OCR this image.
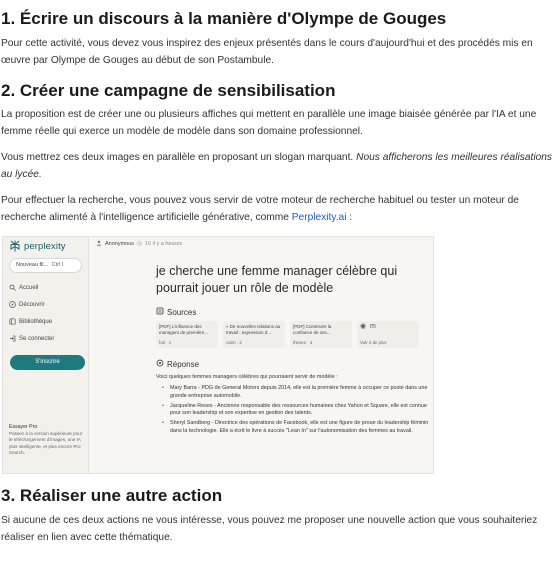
1. Écrire un discours à la manière d'Olympe de Gouges

Pour cette activité, vous devez vous inspirez des enjeux présentés dans le cours d'aujourd'hui et des procédés mis en œuvre par Olympe de Gouges au début de son Postambule.

2. Créer une campagne de sensibilisation

La proposition est de créer une ou plusieurs affiches qui mettent en parallèle une image biaisée générée par l'IA et une femme réelle qui exerce un modèle de modèle dans son domaine professionnel.

Vous mettrez ces deux images en parallèle en proposant un slogan marquant. Nous afficherons les meilleures réalisations au lycée.

Pour effectuer la recherche, vous pouvez vous servir de votre moteur de recherche habituel ou tester un moteur de recherche alimenté à l'intelligence artificielle générative, comme Perplexity.ai :

perplexity
Nouveau fil... Ctrl I
Accueil
Découvrir
Bibliothèque
Se connecter
S'inscrire
Essayer Pro
Passez à la version supérieure pour le téléchargement d'images, une IA plus intelligente, et plus encore Pro Search.
Anonymous ◷ 16 il y a heures
je cherche une femme manager célèbre qui pourrait jouer un rôle de modèle
Sources
[PDF] L'influence des managers de première...
hal · 1
« De nouvelles relations au travail : expression d...
cairn · 2
[PDF] Construire la confiance de ses...
theses · 3
◉ m
Voir 2 de plus
Réponse
Voici quelques femmes managers célèbres qui pourraient servir de modèle :
• Mary Barra - PDG de General Motors depuis 2014, elle est la première femme à occuper ce poste dans une grande entreprise automobile.
• Jacqueline Reses - Ancienne responsable des ressources humaines chez Yahoo et Square, elle est connue pour son leadership et son expertise en gestion des talents.
• Sheryl Sandberg - Directrice des opérations de Facebook, elle est une figure de proue du leadership féminin dans la technologie. Elle a écrit le livre à succès "Lean In" sur l'autonomisation des femmes au travail.
3. Réaliser une autre action

Si aucune de ces deux actions ne vous intéresse, vous pouvez me proposer une nouvelle action que vous souhaiteriez réaliser en lien avec cette thématique.
